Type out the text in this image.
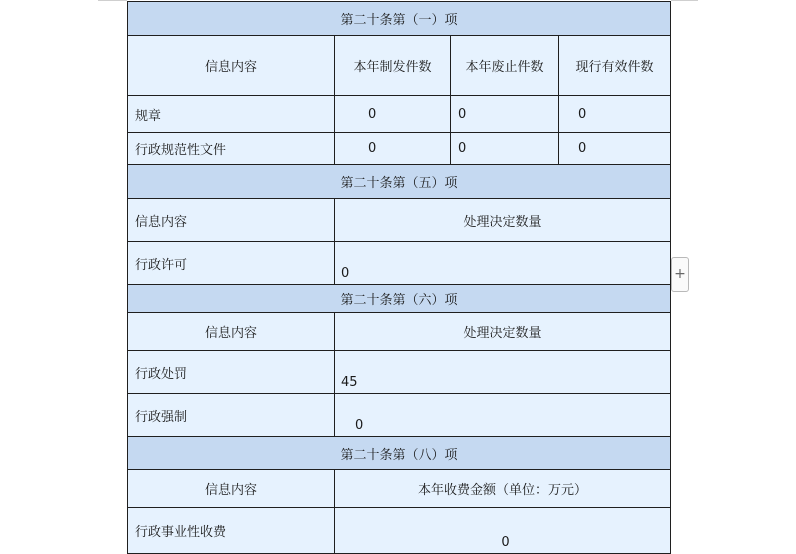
第二十条第（一）项			
信息内容	本年制发件数	本年废止件数	现行有效件数
规章	0	0	0
行政规范性文件	0	0	0
第二十条第（五）项			
信息内容	处理决定数量		
行政许可	0		
第二十条第（六）项			
信息内容	处理决定数量		
行政处罚	45		
行政强制	0		
第二十条第（八）项			
信息内容	本年收费金额（单位：万元）		
行政事业性收费	0		
+
